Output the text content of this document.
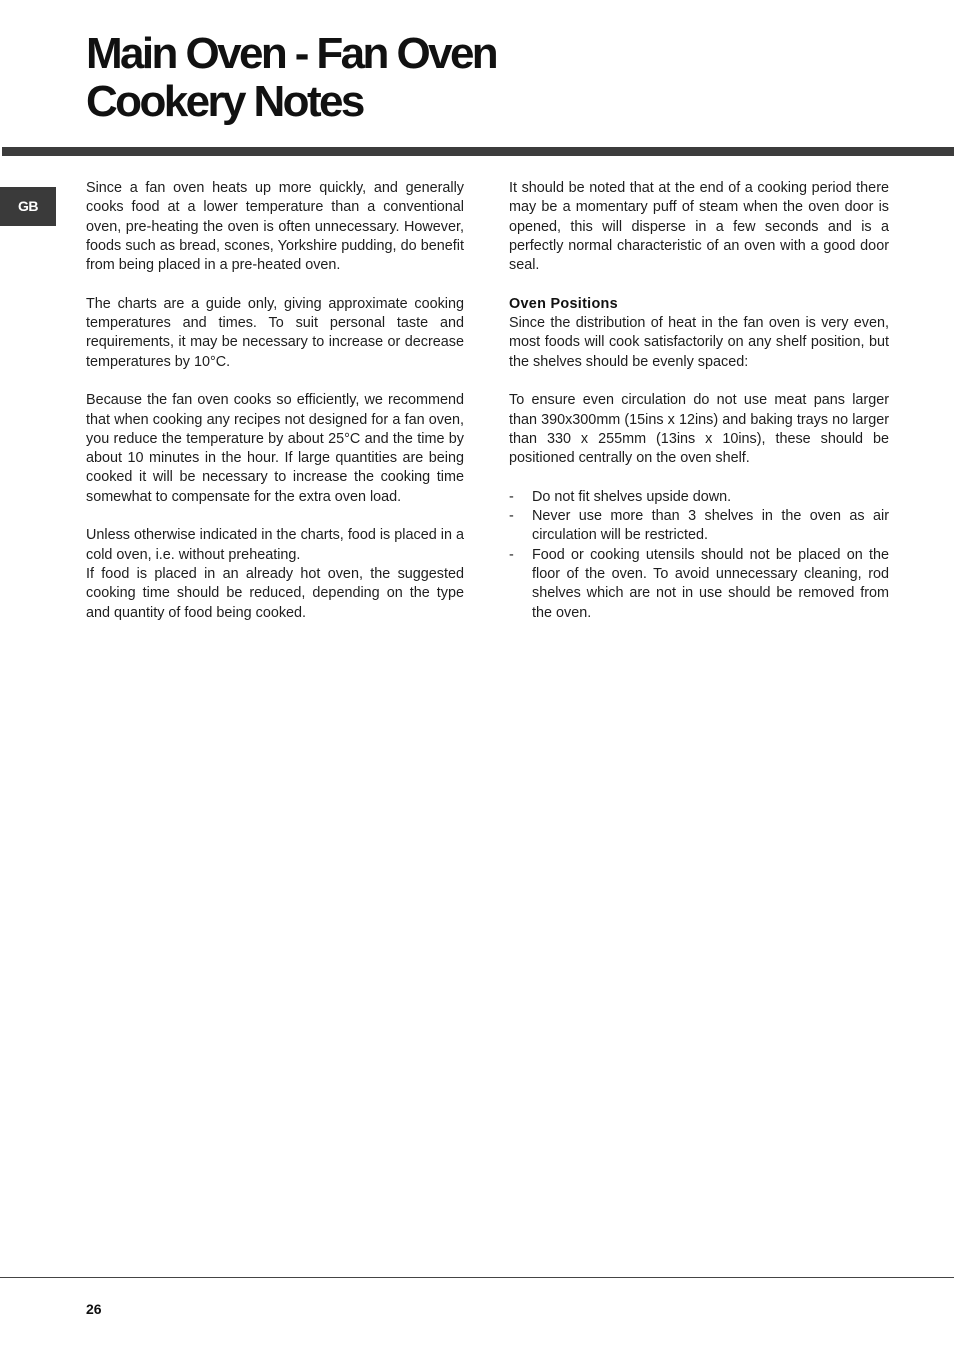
Main Oven - Fan Oven
Cookery Notes
GB

Since a fan oven heats up more quickly, and generally cooks food at a lower temperature than a conventional oven, pre-heating the oven is often unnecessary. However, foods such as bread, scones, Yorkshire pudding, do benefit from being placed in a pre-heated oven.

The charts are a guide only, giving approximate cooking temperatures and times. To suit personal taste and requirements, it may be necessary to increase or decrease temperatures by 10°C.

Because the fan oven cooks so efficiently, we recommend that when cooking any recipes not designed for a fan oven, you reduce the temperature by about 25°C and the time by about 10 minutes in the hour. If large quantities are being cooked it will be necessary to increase the cooking time somewhat to compensate for the extra oven load.

Unless otherwise indicated in the charts, food is placed in a cold oven, i.e. without preheating.

If food is placed in an already hot oven, the suggested cooking time should be reduced, depending on the type and quantity of food being cooked.

It should be noted that at the end of a cooking period there may be a momentary puff of steam when the oven door is opened, this will disperse in a few seconds and is a perfectly normal characteristic of an oven with a good door seal.

Oven Positions

Since the distribution of heat in the fan oven is very even, most foods will cook satisfactorily on any shelf position, but the shelves should be evenly spaced:

To ensure even circulation do not use meat pans larger than 390x300mm (15ins x 12ins) and baking trays no larger than 330 x 255mm (13ins x 10ins), these should be positioned centrally on the oven shelf.

- Do not fit shelves upside down.
- Never use more than 3 shelves in the oven as air circulation will be restricted.
- Food or cooking utensils should not be placed on the floor of the oven. To avoid unnecessary cleaning, rod shelves which are not in use should be removed from the oven.
26
